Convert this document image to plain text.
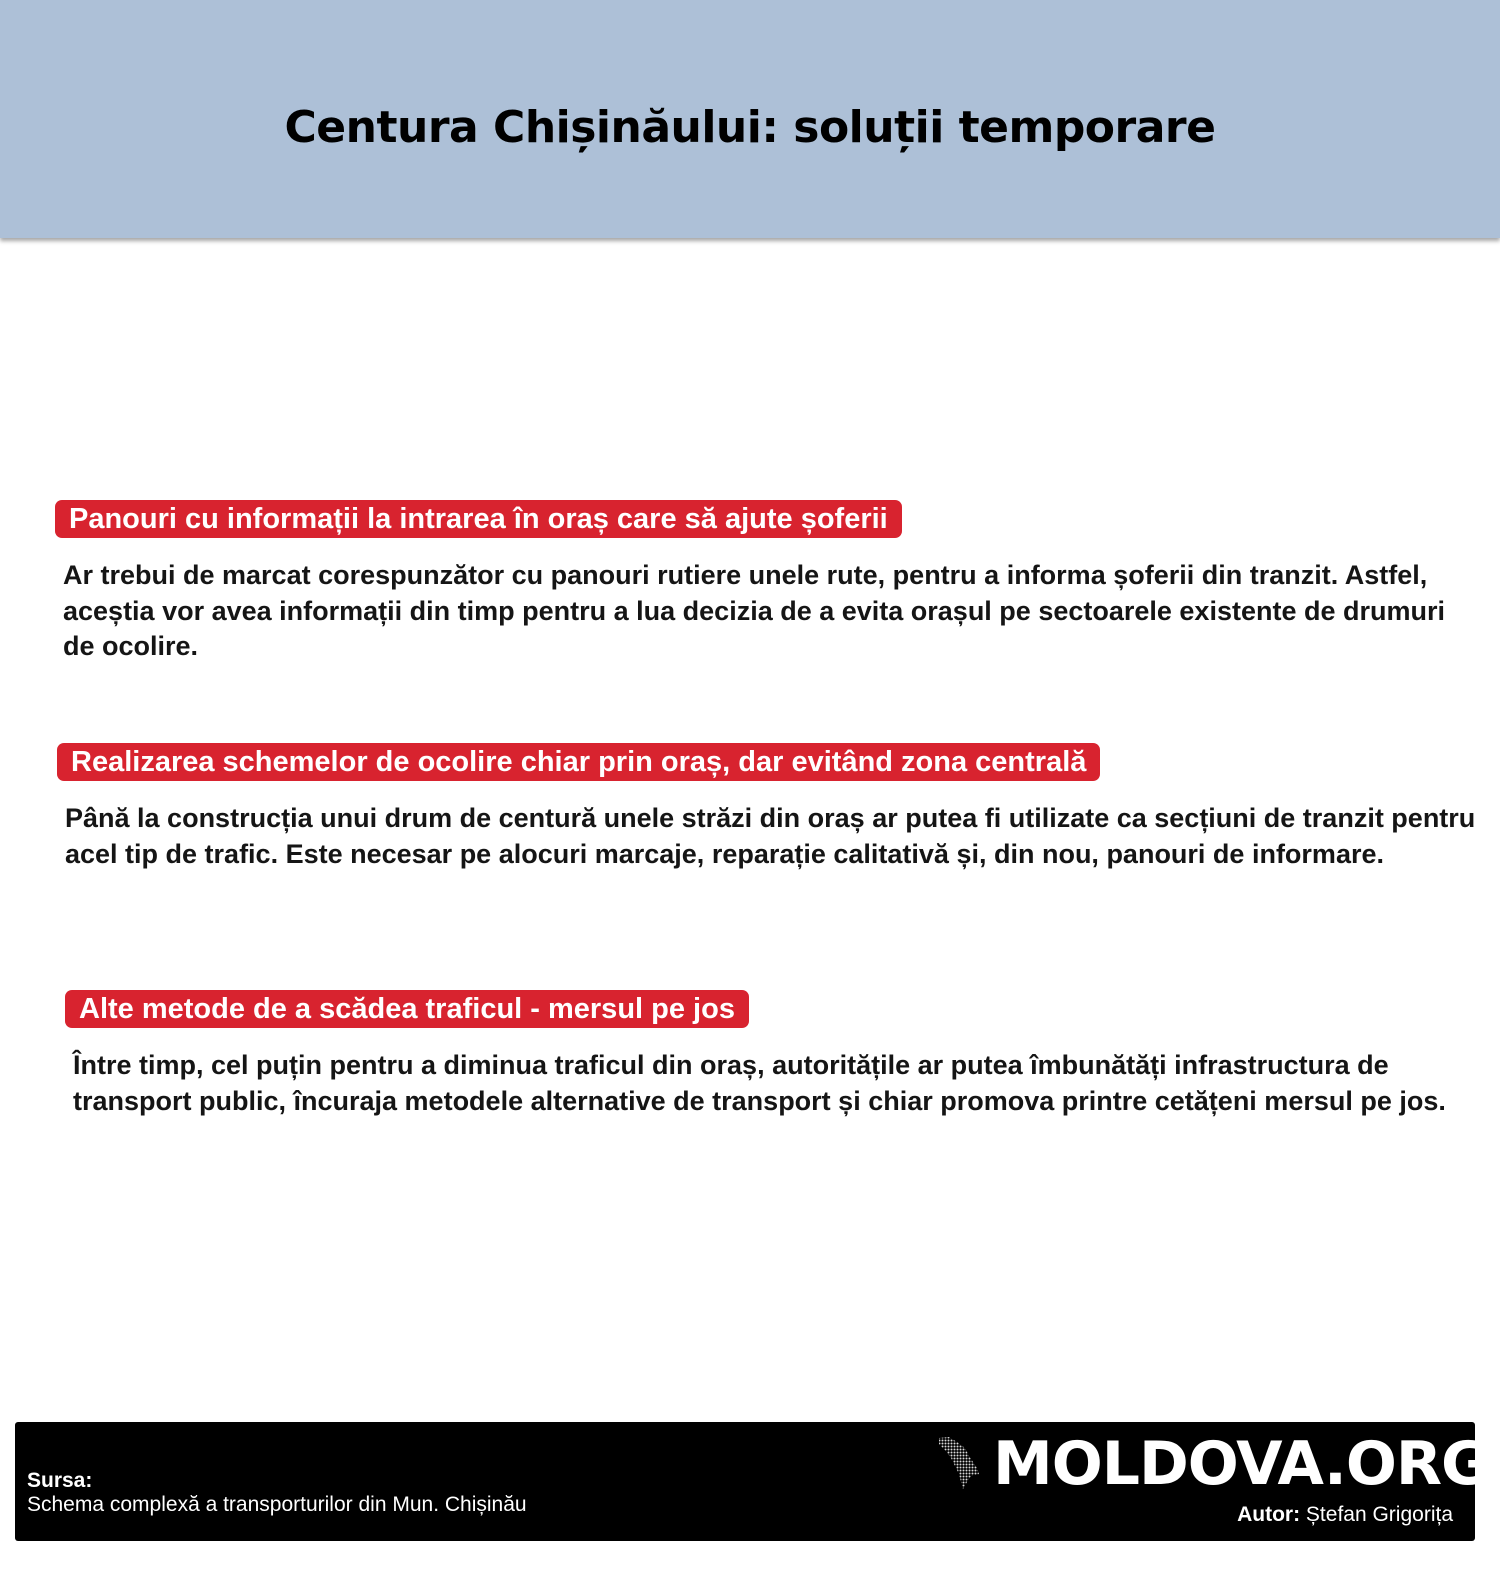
Centura Chișinăului: soluții temporare
Panouri cu informații la intrarea în oraș care să ajute șoferii

Ar trebui de marcat corespunzător cu panouri rutiere unele rute, pentru a informa șoferii din tranzit. Astfel, aceștia vor avea informații din timp pentru a lua decizia de a evita orașul pe sectoarele existente de drumuri de ocolire.

Realizarea schemelor de ocolire chiar prin oraș, dar evitând zona centrală

Până la construcția unui drum de centură unele străzi din oraș ar putea fi utilizate ca secțiuni de tranzit pentru acel tip de trafic. Este necesar pe alocuri marcaje, reparație calitativă și, din nou, panouri de informare.

Alte metode de a scădea traficul - mersul pe jos

Între timp, cel puțin pentru a diminua traficul din oraș, autoritățile ar putea îmbunătăți infrastructura de transport public, încuraja metodele alternative de transport și chiar promova printre cetățeni mersul pe jos.

Sursa:
Schema complexă a transporturilor din Mun. Chișinău
MOLDOVA.ORG
Autor: Ștefan Grigorița
